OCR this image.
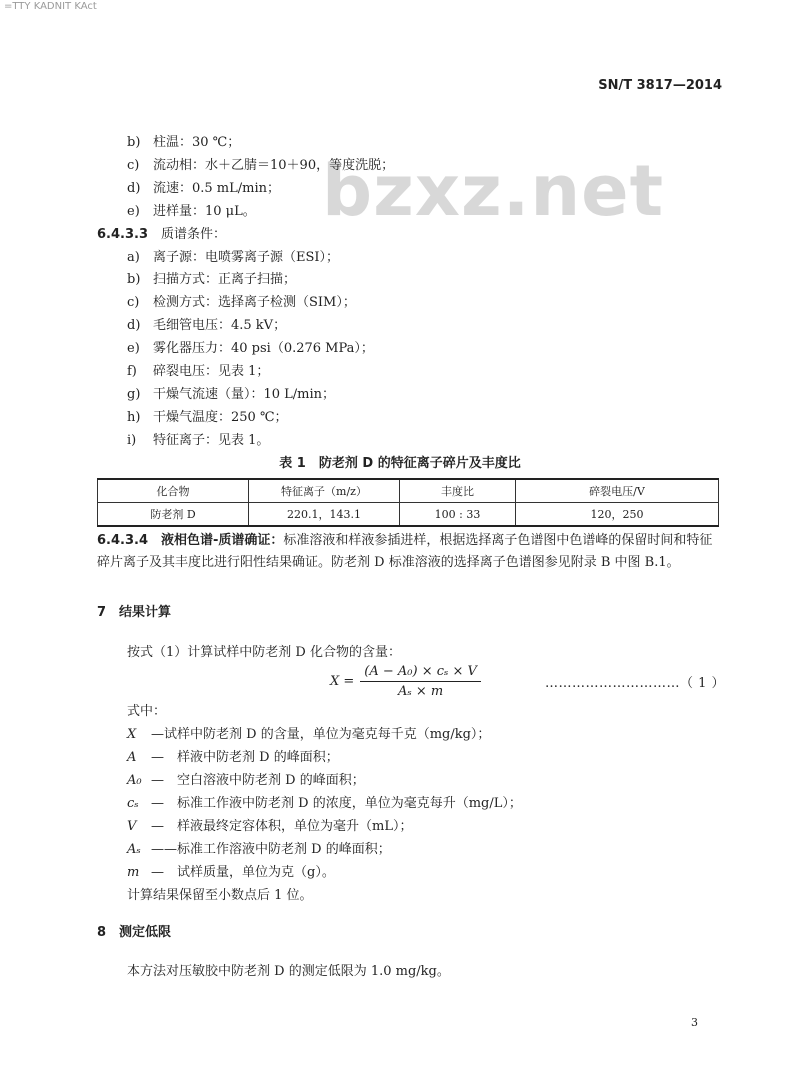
=TTY KADNIT KAct
SN/T 3817—2014
bzxz.net
b) 柱温：30 ℃；
c) 流动相：水＋乙腈＝10＋90，等度洗脱；
d) 流速：0.5 mL/min；
e) 进样量：10 μL。
6.4.3.3　 质谱条件：
a) 离子源：电喷雾离子源（ESI）；
b) 扫描方式：正离子扫描；
c) 检测方式：选择离子检测（SIM）；
d) 毛细管电压：4.5 kV；
e) 雾化器压力：40 psi（0.276 MPa）；
f) 碎裂电压：见表 1；
g) 干燥气流速（量）：10 L/min；
h) 干燥气温度：250 ℃；
表 1　防老剂 D 的特征离子碎片及丰度比
化合物	特征离子（m/z）	丰度比	碎裂电压/V
防老剂 D	220.1，143.1	100 : 33	120，250
6.4.3.4　 液相色谱-质谱确证：标准溶液和样液参插进样，根据选择离子色谱图中色谱峰的保留时间和特征碎片离子及其丰度比进行阳性结果确证。防老剂 D 标准溶液的选择离子色谱图参见附录 B 中图 B.1。
7　结果计算
按式（1）计算试样中防老剂 D 化合物的含量：
$X = \frac{\text{(A − A₀) × cₛ × V}}{\text{Aₛ × m}}$	…………………………（ 1 ）
式中：
X —试样中防老剂 D 的含量，单位为毫克每千克（mg/kg）；
A —　样液中防老剂 D 的峰面积；
A₀ —　空白溶液中防老剂 D 的峰面积；
cₛ —　标准工作液中防老剂 D 的浓度，单位为毫克每升（mg/L）；
V —　样液最终定容体积，单位为毫升（mL）；
Aₛ ——标准工作溶液中防老剂 D 的峰面积；
m —　试样质量，单位为克（g）。
计算结果保留至小数点后 1 位。
8　测定低限
本方法对压敏胶中防老剂 D 的测定低限为 1.0 mg/kg。
3
i) 特征离子：见表 1。
